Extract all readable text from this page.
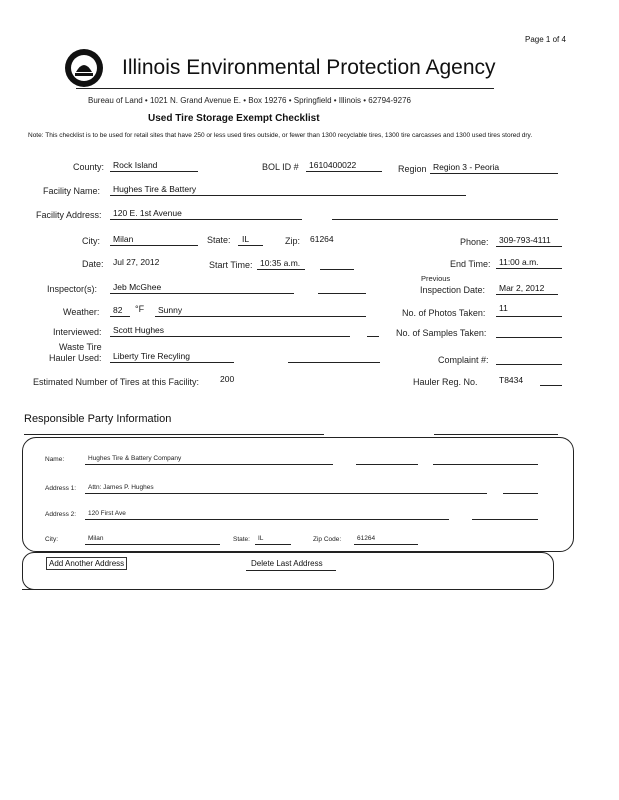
Page 1 of 4
Illinois Environmental Protection Agency
Bureau of Land • 1021 N. Grand Avenue E. • Box 19276 • Springfield • Illinois • 62794-9276
Used Tire Storage Exempt Checklist
Note: This checklist is to be used for retail sites that have 250 or less used tires outside, or fewer than 1300 recyclable tires, 1300 tire carcasses and 1300 used tires stored dry.
County: Rock Island	BOL ID # 1610400022	Region Region 3 - Peoria
Facility Name: Hughes Tire & Battery
Facility Address: 120 E. 1st Avenue
City: Milan	State: IL	Zip: 61264	Phone: 309-793-4111
Date: Jul 27, 2012	Start Time: 10:35 a.m.	End Time: 11:00 a.m.
Inspector(s): Jeb McGhee
Previous
Inspection Date: Mar 2, 2012
Weather: 82 °F Sunny	No. of Photos Taken: 11
Interviewed: Scott Hughes	No. of Samples Taken:
Waste Tire
Hauler Used: Liberty Tire Recyling	Complaint #:
Estimated Number of Tires at this Facility: 200	Hauler Reg. No.	T8434
Responsible Party Information
Name:	Hughes Tire & Battery Company
Address 1: Attn: James P. Hughes
Address 2: 120 First Ave
City:	Milan	State: IL	Zip Code: 61264
Add Another Address	Delete Last Address
